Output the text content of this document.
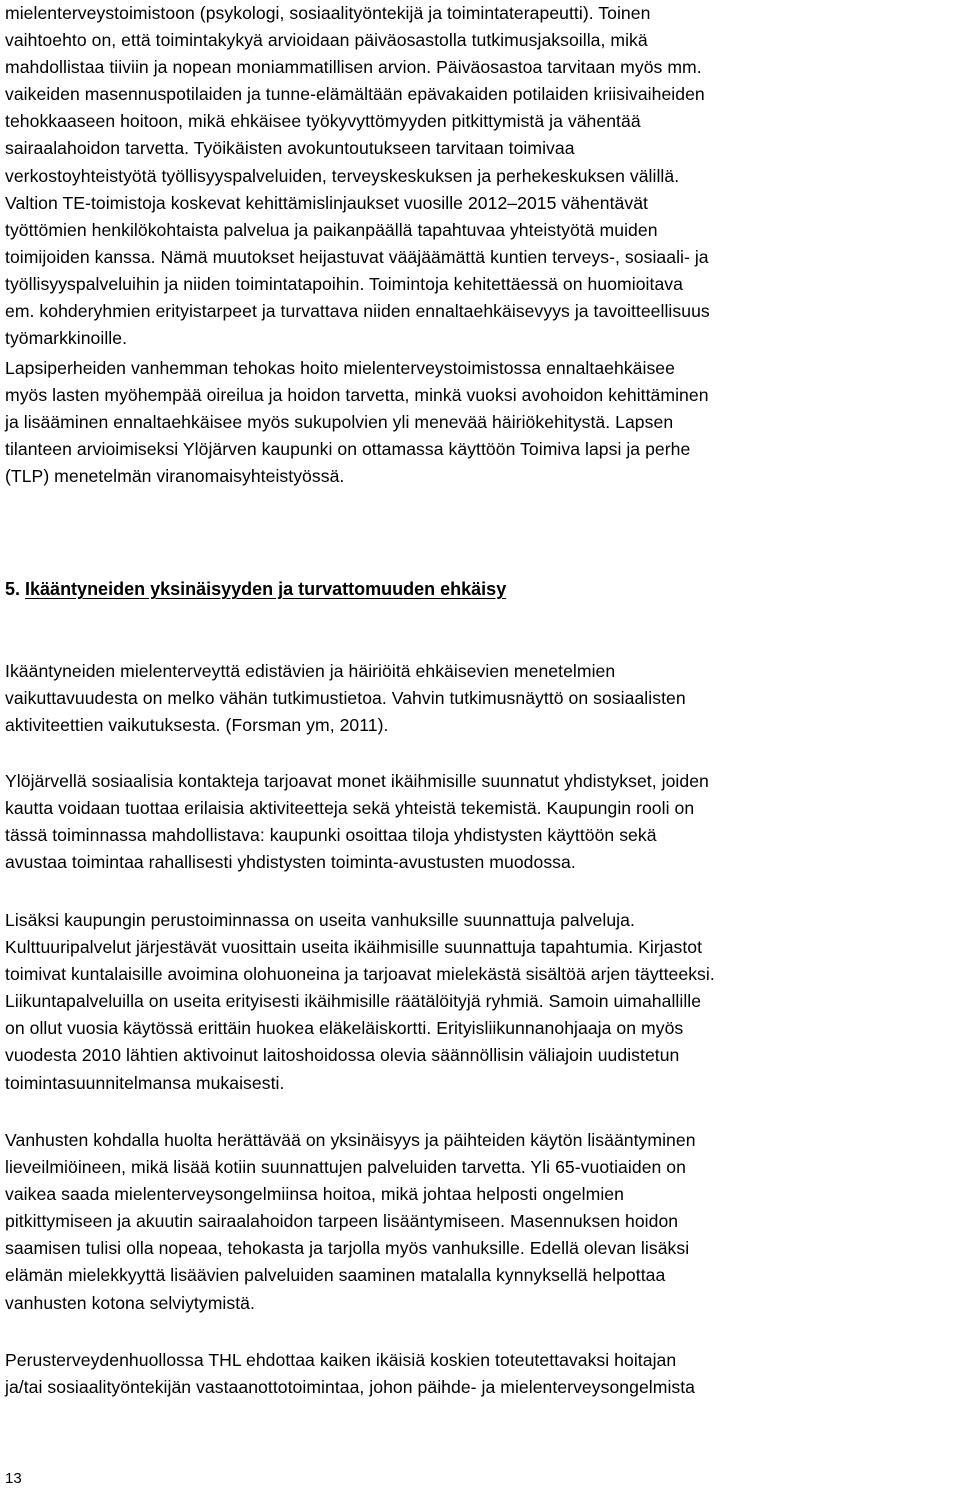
mielenterveystoimistoon (psykologi, sosiaalityöntekijä ja toimintaterapeutti). Toinen
vaihtoehto on, että toimintakykyä arvioidaan päiväosastolla tutkimusjaksoilla, mikä
mahdollistaa tiiviin ja nopean moniammatillisen arvion. Päiväosastoa tarvitaan myös mm.
vaikeiden masennuspotilaiden ja tunne-elämältään epävakaiden potilaiden kriisivaiheiden
tehokkaaseen hoitoon, mikä ehkäisee työkyvyttömyyden pitkittymistä ja vähentää
sairaalahoidon tarvetta. Työikäisten avokuntoutukseen tarvitaan toimivaa
verkostoyhteistyötä työllisyyspalveluiden, terveyskeskuksen ja perhekeskuksen välillä.
Valtion TE-toimistoja koskevat kehittämislinjaukset vuosille 2012–2015 vähentävät
työttömien henkilökohtaista palvelua ja paikanpäällä tapahtuvaa yhteistyötä muiden
toimijoiden kanssa. Nämä muutokset heijastuvat vääjäämättä kuntien terveys-, sosiaali- ja
työllisyyspalveluihin ja niiden toimintatapoihin. Toimintoja kehitettäessä on huomioitava
em. kohderyhmien erityistarpeet ja turvattava niiden ennaltaehkäisevyys ja tavoitteellisuus
työmarkkinoille.

Lapsiperheiden vanhemman tehokas hoito mielenterveystoimistossa ennaltaehkäisee
myös lasten myöhempää oireilua ja hoidon tarvetta, minkä vuoksi avohoidon kehittäminen
ja lisääminen ennaltaehkäisee myös sukupolvien yli menevää häiriökehitystä. Lapsen
tilanteen arvioimiseksi Ylöjärven kaupunki on ottamassa käyttöön Toimiva lapsi ja perhe
(TLP) menetelmän viranomaisyhteistyössä.

5. Ikääntyneiden yksinäisyyden ja turvattomuuden ehkäisy

Ikääntyneiden mielenterveyttä edistävien ja häiriöitä ehkäisevien menetelmien
vaikuttavuudesta on melko vähän tutkimustietoa. Vahvin tutkimusnäyttö on sosiaalisten
aktiviteettien vaikutuksesta. (Forsman ym, 2011).

Ylöjärvellä sosiaalisia kontakteja tarjoavat monet ikäihmisille suunnatut yhdistykset, joiden
kautta voidaan tuottaa erilaisia aktiviteetteja sekä yhteistä tekemistä. Kaupungin rooli on
tässä toiminnassa mahdollistava: kaupunki osoittaa tiloja yhdistysten käyttöön sekä
avustaa toimintaa rahallisesti yhdistysten toiminta-avustusten muodossa.

Lisäksi kaupungin perustoiminnassa on useita vanhuksille suunnattuja palveluja.
Kulttuuripalvelut järjestävät vuosittain useita ikäihmisille suunnattuja tapahtumia. Kirjastot
toimivat kuntalaisille avoimina olohuoneina ja tarjoavat mielekästä sisältöä arjen täytteeksi.
Liikuntapalveluilla on useita erityisesti ikäihmisille räätälöityjä ryhmiä. Samoin uimahallille
on ollut vuosia käytössä erittäin huokea eläkeläiskortti. Erityisliikunnanohjaaja on myös
vuodesta 2010 lähtien aktivoinut laitoshoidossa olevia säännöllisin väliajoin uudistetun
toimintasuunnitelmansa mukaisesti.

Vanhusten kohdalla huolta herättävää on yksinäisyys ja päihteiden käytön lisääntyminen
lieveilmiöineen, mikä lisää kotiin suunnattujen palveluiden tarvetta. Yli 65-vuotiaiden on
vaikea saada mielenterveysongelmiinsa hoitoa, mikä johtaa helposti ongelmien
pitkittymiseen ja akuutin sairaalahoidon tarpeen lisääntymiseen. Masennuksen hoidon
saamisen tulisi olla nopeaa, tehokasta ja tarjolla myös vanhuksille. Edellä olevan lisäksi
elämän mielekkyyttä lisäävien palveluiden saaminen matalalla kynnyksellä helpottaa
vanhusten kotona selviytymistä.

Perusterveydenhuollossa THL ehdottaa kaiken ikäisiä koskien toteutettavaksi hoitajan
ja/tai sosiaalityöntekijän vastaanottotoimintaa, johon päihde- ja mielenterveysongelmista

13
